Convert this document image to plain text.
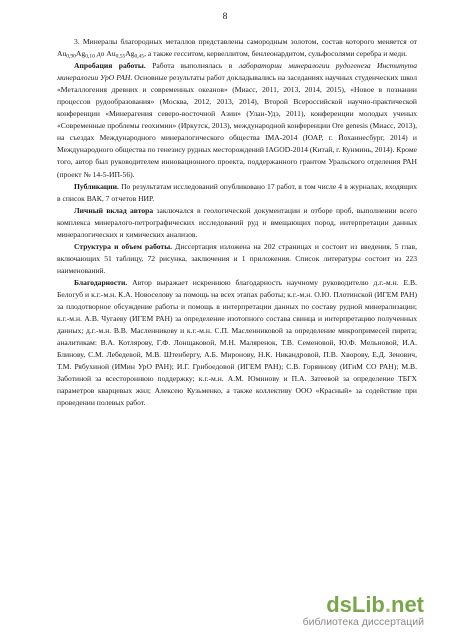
8

3. Минералы благородных металлов представлены самородным золотом, состав которого меняется от $Au_{0,90}Ag_{0,10}$ до $Au_{0,55}Ag_{0,45}$, а также гесситом, кервеллитом, бенлеонардитом, сульфосолями серебра и меди.

Апробация работы. Работа выполнялась в лаборатории минералогии рудогенеза Института минералогии УрО РАН. Основные результаты работ докладывались на заседаниях научных студенческих школ «Металлогения древних и современных океанов» (Миасс, 2011, 2013, 2014, 2015), «Новое в познании процессов рудообразования» (Москва, 2012, 2013, 2014), Второй Всероссийской научно-практической конференции «Минерагения северо-восточной Азии» (Улан-Удэ, 2011), конференции молодых ученых «Современные проблемы геохимии» (Иркутск, 2013), международной конференции Ore genesis (Миасс, 2013), на съездах Международного минералогического общества IMA-2014 (ЮАР, г. Йоханнесбург, 2014) и Международного общества по генезису рудных месторождений IAGOD-2014 (Китай, г. Кунминь, 2014). Кроме того, автор был руководителем инновационного проекта, поддержанного грантом Уральского отделения РАН (проект № 14-5-ИП-56).

Публикации. По результатам исследований опубликовано 17 работ, в том числе 4 в журналах, входящих в список ВАК, 7 отчетов НИР.

Личный вклад автора заключался в геологической документации и отборе проб, выполнении всего комплекса минералого-петрографических исследований руд и вмещающих пород, интерпретации данных минералогических и химических анализов.

Структура и объем работы. Диссертация изложена на 202 страницах и состоит из введения, 5 глав, включающих 51 таблицу, 72 рисунка, заключения и 1 приложения. Список литературы состоит из 223 наименований.

Благодарности. Автор выражает искреннюю благодарность научному руководителю д.г.-м.н. Е.В. Белогуб и к.г.-м.н. К.А. Новоселову за помощь на всех этапах работы; к.г.-м.н. О.Ю. Плотинской (ИГЕМ РАН) за плодотворное обсуждение работы и помощь в интерпретации данных по составу рудной минерализации; к.г.-м.н. А.В. Чугаеву (ИГЕМ РАН) за определение изотопного состава свинца и интерпретацию полученных данных; д.г.-м.н. В.В. Масленникову и к.г.-м.н. С.П. Масленниковой за определение микропримесей пирита; аналитикам: В.А. Котлярову, Г.Ф. Лонщаковой, М.Н. Маляренок, Т.В. Семеновой, Ю.Ф. Мельновой, И.А. Блинову, С.М. Лебедевой, М.В. Штенбергу, А.Б. Миронову, Н.К. Никандровой, П.В. Хворову, Е.Д. Зенович, Т.М. Рябухиной (ИМин УрО РАН); И.Г. Грибоедовой (ИГЕМ РАН); С.В. Горяинову (ИГиМ СО РАН); М.В. Заботиной за всестороннюю поддержку; к.г.-м.н. А.М. Юминову и П.А. Затеевой за определение ТБГХ параметров кварцевых жил; Алексею Кузьменко, а также коллективу ООО «Красный» за содействие при проведении полевых работ.

dsLib.net
библиотека диссертаций
